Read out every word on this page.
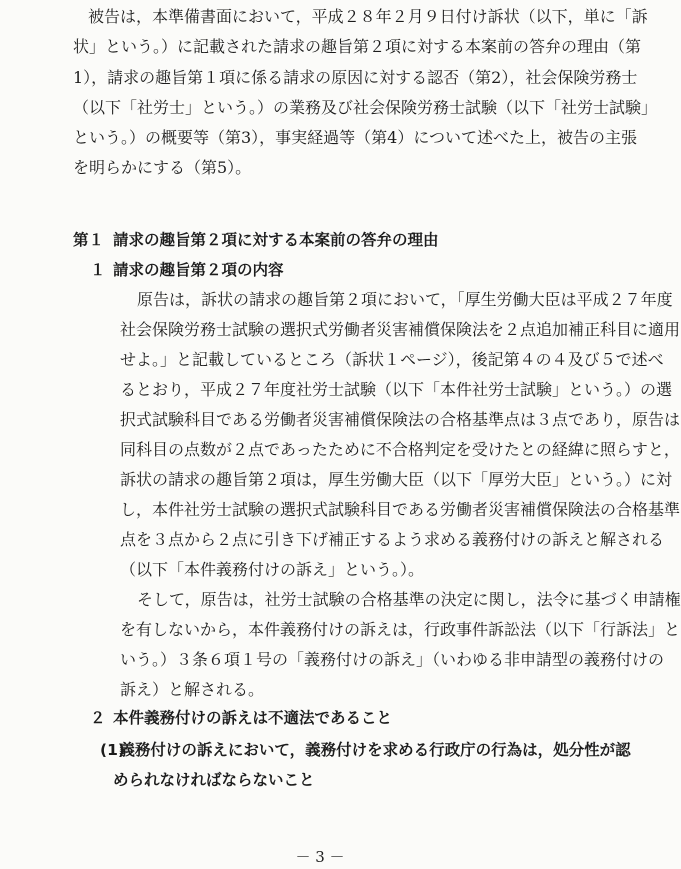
被告は，本準備書面において，平成２８年２月９日付け訴状（以下，単に「訴
状」という。）に記載された請求の趣旨第２項に対する本案前の答弁の理由（第
1），請求の趣旨第１項に係る請求の原因に対する認否（第2），社会保険労務士
（以下「社労士」という。）の業務及び社会保険労務士試験（以下「社労士試験」
という。）の概要等（第3），事実経過等（第4）について述べた上，被告の主張
を明らかにする（第5）。
第１ 請求の趣旨第２項に対する本案前の答弁の理由
１ 請求の趣旨第２項の内容
原告は，訴状の請求の趣旨第２項において，「厚生労働大臣は平成２７年度
社会保険労務士試験の選択式労働者災害補償保険法を２点追加補正科目に適用
せよ。」と記載しているところ（訴状１ページ），後記第４の４及び５で述べ
るとおり，平成２７年度社労士試験（以下「本件社労士試験」という。）の選
択式試験科目である労働者災害補償保険法の合格基準点は３点であり，原告は
同科目の点数が２点であったために不合格判定を受けたとの経緯に照らすと，
訴状の請求の趣旨第２項は，厚生労働大臣（以下「厚労大臣」という。）に対
し，本件社労士試験の選択式試験科目である労働者災害補償保険法の合格基準
点を３点から２点に引き下げ補正するよう求める義務付けの訴えと解される
（以下「本件義務付けの訴え」という。）。
そして，原告は，社労士試験の合格基準の決定に関し，法令に基づく申請権
を有しないから，本件義務付けの訴えは，行政事件訴訟法（以下「行訴法」と
いう。）３条６項１号の「義務付けの訴え」（いわゆる非申請型の義務付けの
訴え）と解される。
２ 本件義務付けの訴えは不適法であること
(1) 義務付けの訴えにおいて，義務付けを求める行政庁の行為は，処分性が認
められなければならないこと
－ 3 －
